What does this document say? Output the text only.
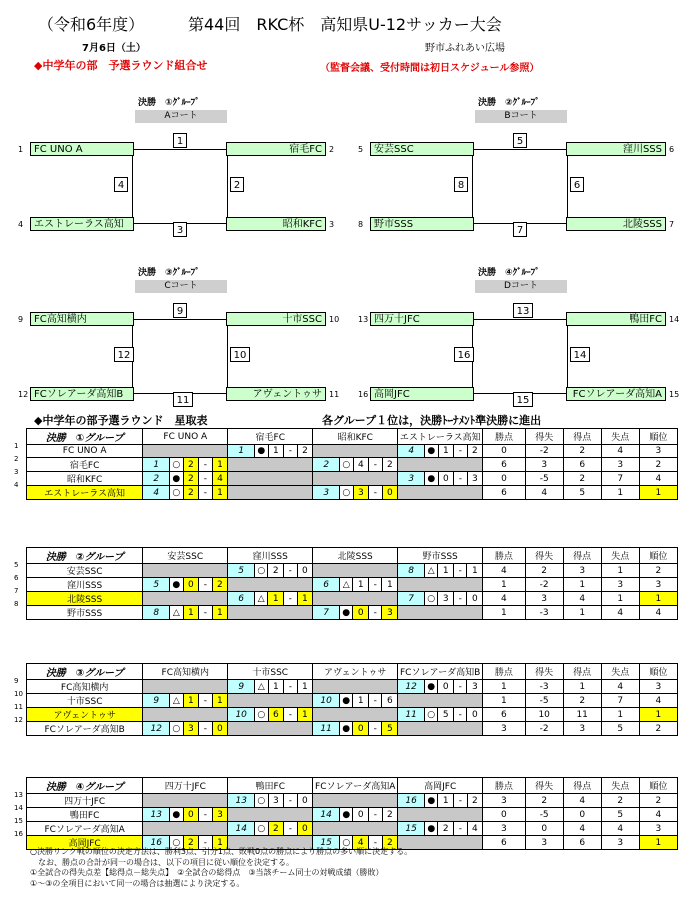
（令和6年度）	第44回　RKC杯　高知県U-12サッカー大会
7月6日（土）	野市ふれあい広場
◆中学年の部　予選ラウンド組合せ	（監督会議、受付時間は初日スケジュール参照）
決勝　①ｸﾞﾙｰﾌﾟ
Aコート
1	FC UNO A	2
宿毛FC
3
昭和KFC
4	エストレーラス高知
1
2
3
4
決勝　②ｸﾞﾙｰﾌﾟ
Bコート
5	安芸SSC	6
窪川SSS
7
北陵SSS
8	野市SSS
5
6
7
8
決勝　③ｸﾞﾙｰﾌﾟ
Cコート
9	FC高知横内	10
十市SSC
11
アヴェントゥサ
12 FCソレアーダ高知B
9
10
11
12
決勝　④ｸﾞﾙｰﾌﾟ
Dコート
13 四万十JFC	14
鴨田FC
15
FCソレアーダ高知A
16 高岡JFC
13
14
15
16
◆中学年の部予選ラウンド　星取表	各グループ１位は，決勝ﾄｰﾅﾒﾝﾄ準決勝に進出
決勝　①グループ	FC UNO A					宿毛FC					昭和KFC					エストレーラス高知					勝点	得失	得点	失点	順位
FC UNO A						1	●	1	-	2						4	●	1	-	2	0	-2	2	4	3
宿毛FC	1	○	2	-	1						2	○	4	-	2						6	3	6	3	2
昭和KFC	2	●	2	-	4											3	●	0	-	3	0	-5	2	7	4
エストレーラス高知	4	○	2	-	1						3	○	3	-	0						6	4	5	1	1
1
2
3
4
決勝　②グループ	安芸SSC					窪川SSS					北陵SSS					野市SSS					勝点	得失	得点	失点	順位
安芸SSC						5	○	2	-	0						8	△	1	-	1	4	2	3	1	2
窪川SSS	5	●	0	-	2						6	△	1	-	1						1	-2	1	3	3
北陵SSS						6	△	1	-	1						7	○	3	-	0	4	3	4	1	1
野市SSS	8	△	1	-	1						7	●	0	-	3						1	-3	1	4	4
5
6
7
8
決勝　③グループ	FC高知横内					十市SSC					アヴェントゥサ					FCソレアーダ高知B					勝点	得失	得点	失点	順位
FC高知横内						9	△	1	-	1						12	●	0	-	3	1	-3	1	4	3
十市SSC	9	△	1	-	1						10	●	1	-	6						1	-5	2	7	4
アヴェントゥサ						10	○	6	-	1						11	○	5	-	0	6	10	11	1	1
FCソレアーダ高知B	12	○	3	-	0						11	●	0	-	5						3	-2	3	5	2
9
10
11
12
決勝　④グループ	四万十JFC					鴨田FC					FCソレアーダ高知A					高岡JFC					勝点	得失	得点	失点	順位
四万十JFC						13	○	3	-	0						16	●	1	-	2	3	2	4	2	2
鴨田FC	13	●	0	-	3						14	●	0	-	2						0	-5	0	5	4
FCソレアーダ高知A						14	○	2	-	0						15	●	2	-	4	3	0	4	4	3
高岡JFC	16	○	2	-	1						15	○	4	-	2						6	3	6	3	1
13
14
15
16
○決勝リンク戦の順位の決定方法は、勝利3点、引分1点、敗戦0点の勝点により勝点の多い順に決定する。
　なお、勝点の合計が同一の場合は、以下の項目に従い順位を決定する。
①全試合の得失点差【総得点－総失点】　②全試合の総得点　③当該チーム同士の対戦成績（勝敗）
①～③の全項目において同一の場合は抽選により決定する。
